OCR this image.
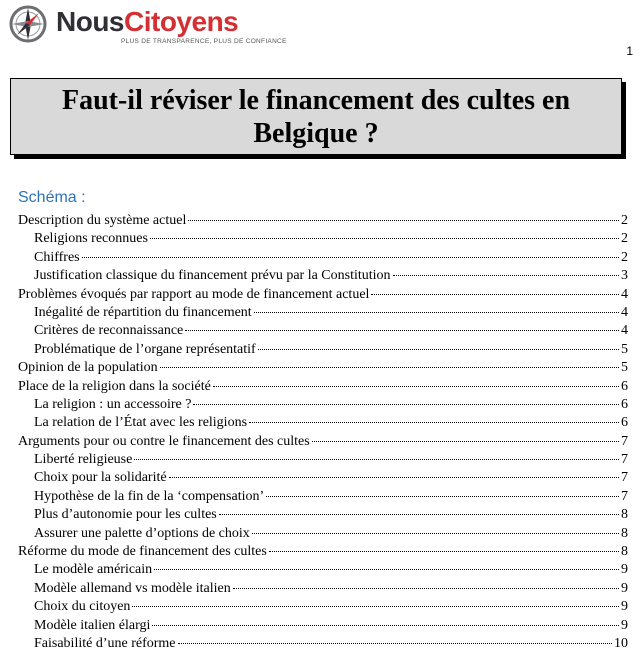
NousCitoyens
PLUS DE TRANSPARENCE, PLUS DE CONFIANCE
1
Faut-il réviser le financement des cultes en Belgique ?
Schéma :
Description du système actuel	2
Religions reconnues	2
Chiffres	2
Justification classique du financement prévu par la Constitution	3
Problèmes évoqués par rapport au mode de financement actuel	4
Inégalité de répartition du financement	4
Critères de reconnaissance	4
Problématique de l’organe représentatif	5
Opinion de la population	5
Place de la religion dans la société	6
La religion : un accessoire ?	6
La relation de l’État avec les religions	6
Arguments pour ou contre le financement des cultes	7
Liberté religieuse	7
Choix pour la solidarité	7
Hypothèse de la fin de la ‘compensation’	7
Plus d’autonomie pour les cultes	8
Assurer une palette d’options de choix	8
Réforme du mode de financement des cultes	8
Le modèle américain	9
Modèle allemand vs modèle italien	9
Choix du citoyen	9
Modèle italien élargi	9
Faisabilité d’une réforme	10
